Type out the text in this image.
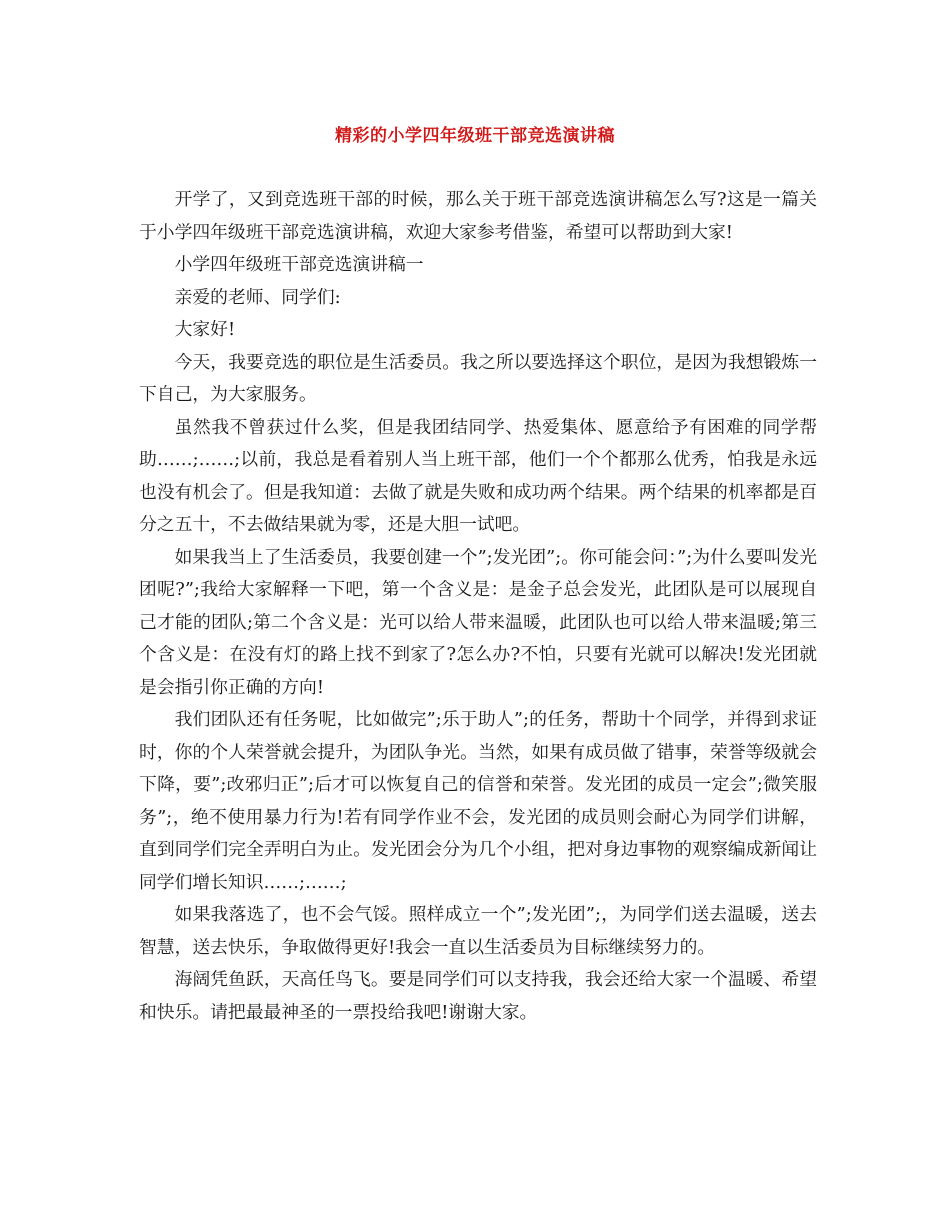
精彩的小学四年级班干部竞选演讲稿

开学了，又到竞选班干部的时候，那么关于班干部竞选演讲稿怎么写?这是一篇关于小学四年级班干部竞选演讲稿，欢迎大家参考借鉴，希望可以帮助到大家!

小学四年级班干部竞选演讲稿一

亲爱的老师、同学们:

大家好!

今天，我要竞选的职位是生活委员。我之所以要选择这个职位，是因为我想锻炼一下自己，为大家服务。

虽然我不曾获过什么奖，但是我团结同学、热爱集体、愿意给予有困难的同学帮助……;……;以前，我总是看着别人当上班干部，他们一个个都那么优秀，怕我是永远也没有机会了。但是我知道：去做了就是失败和成功两个结果。两个结果的机率都是百分之五十，不去做结果就为零，还是大胆一试吧。

如果我当上了生活委员，我要创建一个”;发光团”;。你可能会问：”;为什么要叫发光团呢?”;我给大家解释一下吧，第一个含义是：是金子总会发光，此团队是可以展现自己才能的团队;第二个含义是：光可以给人带来温暖，此团队也可以给人带来温暖;第三个含义是：在没有灯的路上找不到家了?怎么办?不怕，只要有光就可以解决!发光团就是会指引你正确的方向!

我们团队还有任务呢，比如做完”;乐于助人”;的任务，帮助十个同学，并得到求证时，你的个人荣誉就会提升，为团队争光。当然，如果有成员做了错事，荣誉等级就会下降，要”;改邪归正”;后才可以恢复自己的信誉和荣誉。发光团的成员一定会”;微笑服务”;，绝不使用暴力行为!若有同学作业不会，发光团的成员则会耐心为同学们讲解，直到同学们完全弄明白为止。发光团会分为几个小组，把对身边事物的观察编成新闻让同学们增长知识……;……;

如果我落选了，也不会气馁。照样成立一个”;发光团”;，为同学们送去温暖，送去智慧，送去快乐，争取做得更好!我会一直以生活委员为目标继续努力的。

海阔凭鱼跃，天高任鸟飞。要是同学们可以支持我，我会还给大家一个温暖、希望和快乐。请把最最神圣的一票投给我吧!谢谢大家。
